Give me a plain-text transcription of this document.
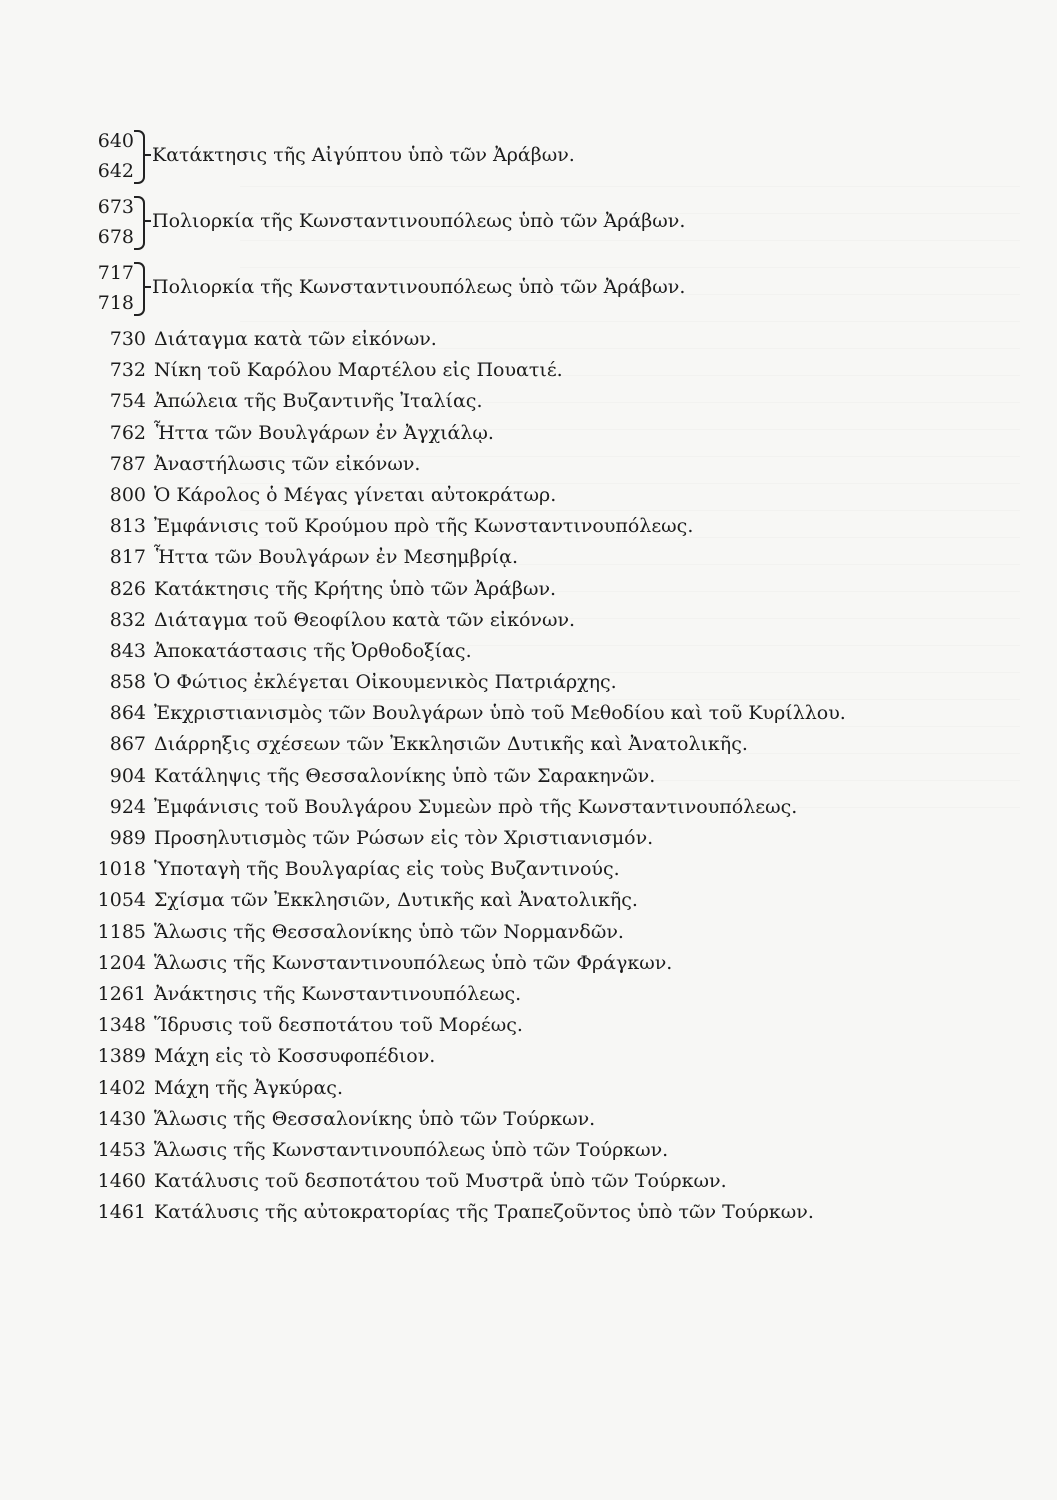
640
642
Κατάκτησις τῆς Αἰγύπτου ὑπὸ τῶν Ἀράβων.
673
678
Πολιορκία τῆς Κωνσταντινουπόλεως ὑπὸ τῶν Ἀράβων.
717
718
Πολιορκία τῆς Κωνσταντινουπόλεως ὑπὸ τῶν Ἀράβων.
730 Διάταγμα κατὰ τῶν εἰκόνων.
732 Νίκη τοῦ Καρόλου Μαρτέλου εἰς Πουατιέ.
754 Ἀπώλεια τῆς Βυζαντινῆς Ἰταλίας.
762 Ἧττα τῶν Βουλγάρων ἐν Ἀγχιάλῳ.
787 Ἀναστήλωσις τῶν εἰκόνων.
800 Ὁ Κάρολος ὁ Μέγας γίνεται αὐτοκράτωρ.
813 Ἐμφάνισις τοῦ Κρούμου πρὸ τῆς Κωνσταντινουπόλεως.
817 Ἧττα τῶν Βουλγάρων ἐν Μεσημβρίᾳ.
826 Κατάκτησις τῆς Κρήτης ὑπὸ τῶν Ἀράβων.
832 Διάταγμα τοῦ Θεοφίλου κατὰ τῶν εἰκόνων.
843 Ἀποκατάστασις τῆς Ὀρθοδοξίας.
858 Ὁ Φώτιος ἐκλέγεται Οἰκουμενικὸς Πατριάρχης.
864 Ἐκχριστιανισμὸς τῶν Βουλγάρων ὑπὸ τοῦ Μεθοδίου καὶ τοῦ Κυρίλλου.
867 Διάρρηξις σχέσεων τῶν Ἐκκλησιῶν Δυτικῆς καὶ Ἀνατολικῆς.
904 Κατάληψις τῆς Θεσσαλονίκης ὑπὸ τῶν Σαρακηνῶν.
924 Ἐμφάνισις τοῦ Βουλγάρου Συμεὼν πρὸ τῆς Κωνσταντινουπόλεως.
989 Προσηλυτισμὸς τῶν Ρώσων εἰς τὸν Χριστιανισμόν.
1018 Ὑποταγὴ τῆς Βουλγαρίας εἰς τοὺς Βυζαντινούς.
1054 Σχίσμα τῶν Ἐκκλησιῶν, Δυτικῆς καὶ Ἀνατολικῆς.
1185 Ἅλωσις τῆς Θεσσαλονίκης ὑπὸ τῶν Νορμανδῶν.
1204 Ἅλωσις τῆς Κωνσταντινουπόλεως ὑπὸ τῶν Φράγκων.
1261 Ἀνάκτησις τῆς Κωνσταντινουπόλεως.
1348 Ἵδρυσις τοῦ δεσποτάτου τοῦ Μορέως.
1389 Μάχη εἰς τὸ Κοσσυφοπέδιον.
1402 Μάχη τῆς Ἀγκύρας.
1430 Ἅλωσις τῆς Θεσσαλονίκης ὑπὸ τῶν Τούρκων.
1453 Ἅλωσις τῆς Κωνσταντινουπόλεως ὑπὸ τῶν Τούρκων.
1460 Κατάλυσις τοῦ δεσποτάτου τοῦ Μυστρᾶ ὑπὸ τῶν Τούρκων.
1461 Κατάλυσις τῆς αὐτοκρατορίας τῆς Τραπεζοῦντος ὑπὸ τῶν Τούρκων.
